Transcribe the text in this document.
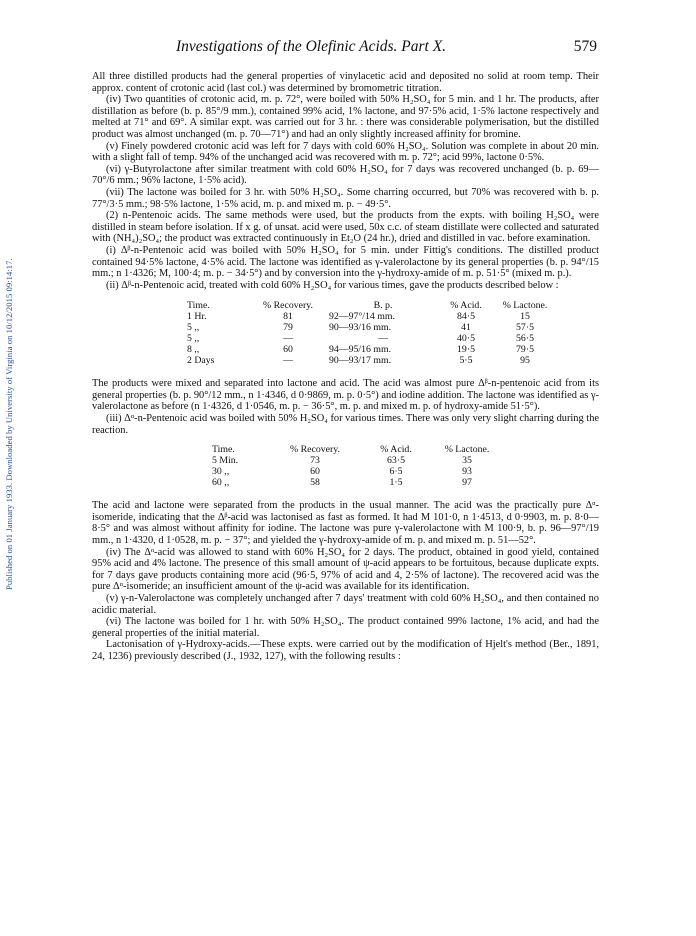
Published on 01 January 1933. Downloaded by University of Virginia on 10/12/2015 09:14:17.
Investigations of the Olefinic Acids. Part X.	579

All three distilled products had the general properties of vinylacetic acid and deposited no solid at room temp. Their approx. content of crotonic acid (last col.) was determined by bromometric titration.

(iv) Two quantities of crotonic acid, m. p. 72°, were boiled with 50% H₂SO₄ for 5 min. and 1 hr. The products, after distillation as before (b. p. 85°/9 mm.), contained 99% acid, 1% lactone, and 97·5% acid, 1·5% lactone respectively and melted at 71° and 69°. A similar expt. was carried out for 3 hr. : there was considerable polymerisation, but the distilled product was almost unchanged (m. p. 70—71°) and had an only slightly increased affinity for bromine.

(v) Finely powdered crotonic acid was left for 7 days with cold 60% H₂SO₄. Solution was complete in about 20 min. with a slight fall of temp. 94% of the unchanged acid was recovered with m. p. 72°; acid 99%, lactone 0·5%.

(vi) γ-Butyrolactone after similar treatment with cold 60% H₂SO₄ for 7 days was recovered unchanged (b. p. 69—70°/6 mm.; 96% lactone, 1·5% acid).

(vii) The lactone was boiled for 3 hr. with 50% H₂SO₄. Some charring occurred, but 70% was recovered with b. p. 77°/3·5 mm.; 98·5% lactone, 1·5% acid, m. p. and mixed m. p. − 49·5°.

(2) n-Pentenoic acids. The same methods were used, but the products from the expts. with boiling H₂SO₄ were distilled in steam before isolation. If x g. of unsat. acid were used, 50x c.c. of steam distillate were collected and saturated with (NH₄)₂SO₄; the product was extracted continuously in Et₂O (24 hr.), dried and distilled in vac. before examination.

(i) Δᵝ-n-Pentenoic acid was boiled with 50% H₂SO₄ for 5 min. under Fittig's conditions. The distilled product contained 94·5% lactone, 4·5% acid. The lactone was identified as γ-valerolactone by its general properties (b. p. 94°/15 mm.; n 1·4326; M, 100·4; m. p. − 34·5°) and by conversion into the γ-hydroxy-amide of m. p. 51·5° (mixed m. p.).

(ii) Δᵝ-n-Pentenoic acid, treated with cold 60% H₂SO₄ for various times, gave the products described below :

Time.	% Recovery.	B. p.	% Acid.	% Lactone.
1 Hr.	81	92—97°/14 mm.	84·5	15
5 ,,	79	90—93/16 mm.	41	57·5
5 ,,	—	—	40·5	56·5
8 ,,	60	94—95/16 mm.	19·5	79·5
2 Days	—	90—93/17 mm.	5·5	95

The products were mixed and separated into lactone and acid. The acid was almost pure Δᵝ-n-pentenoic acid from its general properties (b. p. 90°/12 mm., n 1·4346, d 0·9869, m. p. 0·5°) and iodine addition. The lactone was identified as γ-valerolactone as before (n 1·4326, d 1·0546, m. p. − 36·5°, m. p. and mixed m. p. of hydroxy-amide 51·5°).

(iii) Δᵅ-n-Pentenoic acid was boiled with 50% H₂SO₄ for various times. There was only very slight charring during the reaction.

Time.	% Recovery.	% Acid.	% Lactone.
5 Min.	73	63·5	35
30 ,,	60	6·5	93
60 ,,	58	1·5	97

The acid and lactone were separated from the products in the usual manner. The acid was the practically pure Δᵅ-isomeride, indicating that the Δᵝ-acid was lactonised as fast as formed. It had M 101·0, n 1·4513, d 0·9903, m. p. 8·0—8·5° and was almost without affinity for iodine. The lactone was pure γ-valerolactone with M 100·9, b. p. 96—97°/19 mm., n 1·4320, d 1·0528, m. p. − 37°; and yielded the γ-hydroxy-amide of m. p. and mixed m. p. 51—52°.

(iv) The Δᵅ-acid was allowed to stand with 60% H₂SO₄ for 2 days. The product, obtained in good yield, contained 95% acid and 4% lactone. The presence of this small amount of ψ-acid appears to be fortuitous, because duplicate expts. for 7 days gave products containing more acid (96·5, 97% of acid and 4, 2·5% of lactone). The recovered acid was the pure Δᵅ-isomeride; an insufficient amount of the ψ-acid was available for its identification.

(v) γ-n-Valerolactone was completely unchanged after 7 days' treatment with cold 60% H₂SO₄, and then contained no acidic material.

(vi) The lactone was boiled for 1 hr. with 50% H₂SO₄. The product contained 99% lactone, 1% acid, and had the general properties of the initial material.

Lactonisation of γ-Hydroxy-acids.—These expts. were carried out by the modification of Hjelt's method (Ber., 1891, 24, 1236) previously described (J., 1932, 127), with the following results :
